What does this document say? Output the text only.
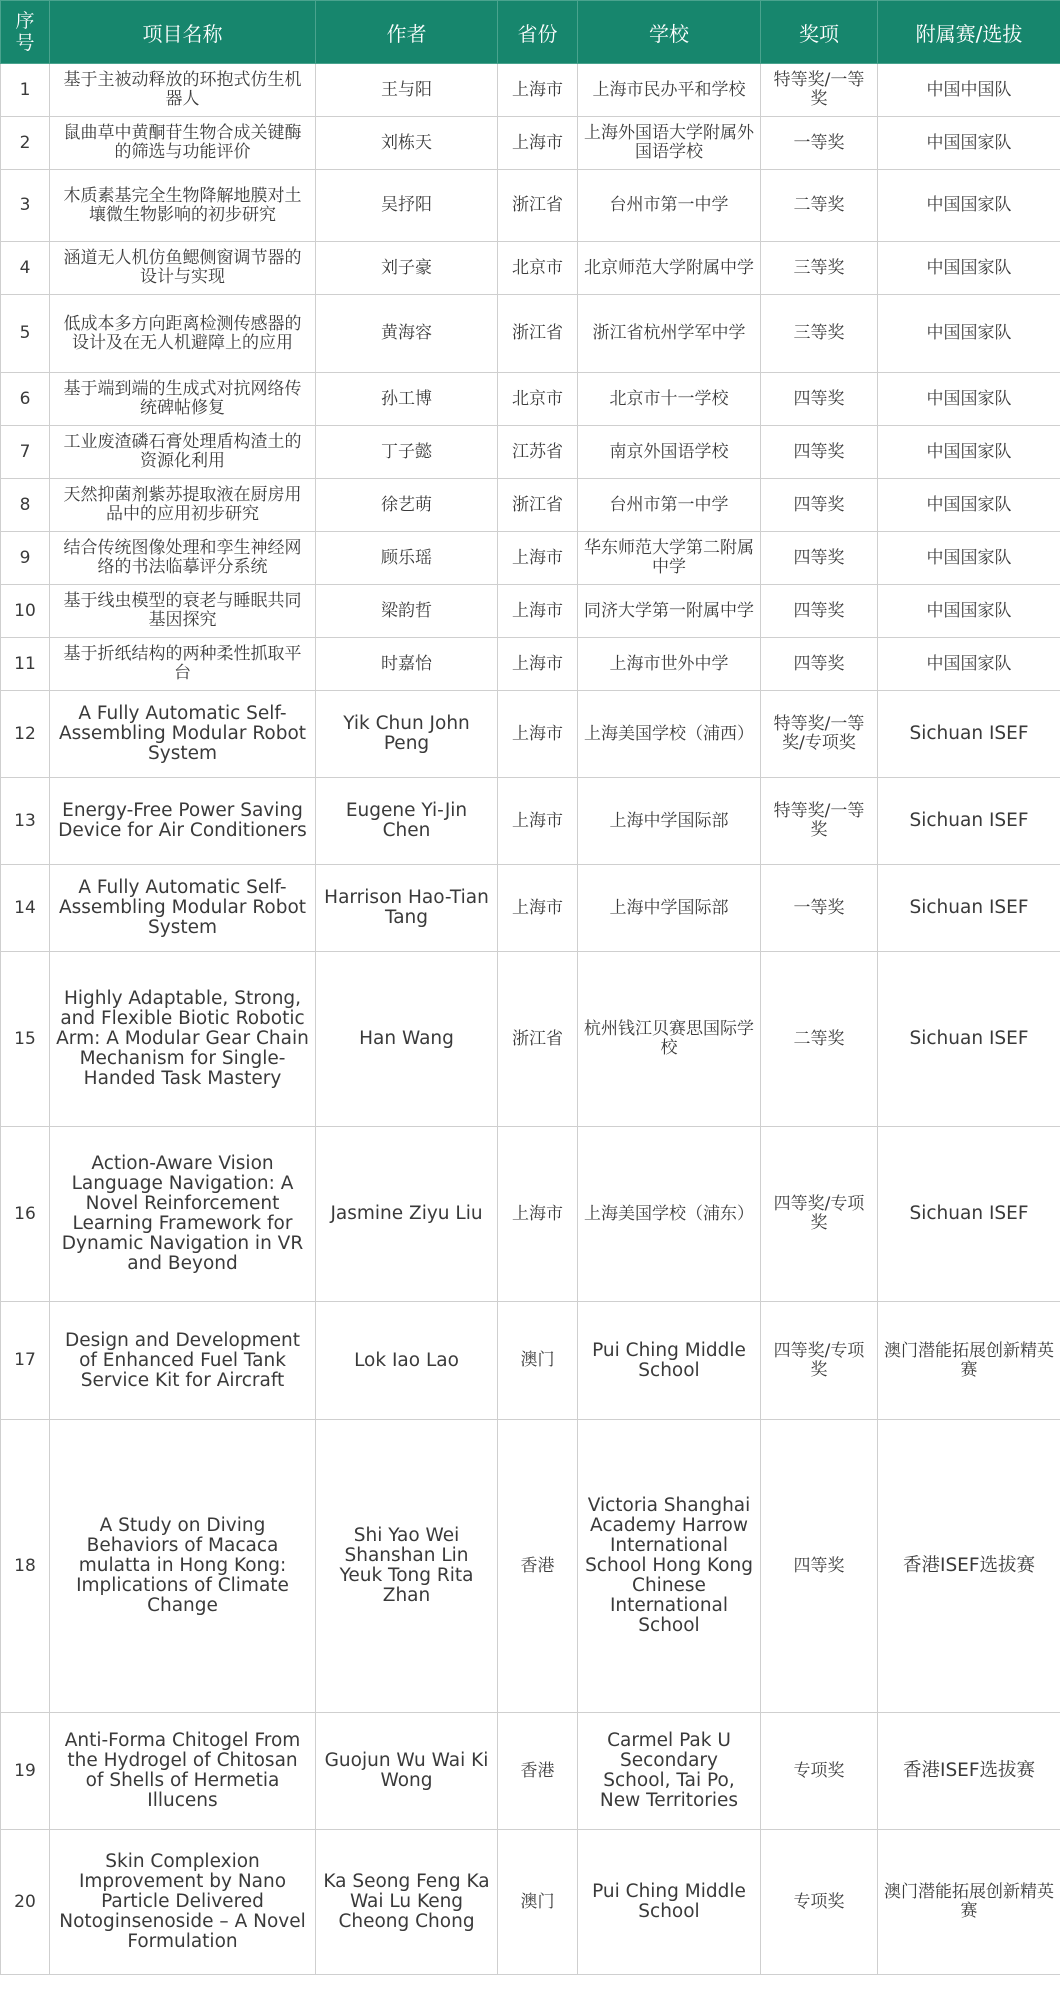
序号	项目名称	作者	省份	学校	奖项	附属赛/选拔
1	基于主被动释放的环抱式仿生机器人	王与阳	上海市	上海市民办平和学校	特等奖/一等奖	中国中国队
2	鼠曲草中黄酮苷生物合成关键酶的筛选与功能评价	刘栋天	上海市	上海外国语大学附属外国语学校	一等奖	中国国家队
3	木质素基完全生物降解地膜对土壤微生物影响的初步研究	吴抒阳	浙江省	台州市第一中学	二等奖	中国国家队
4	涵道无人机仿鱼鳃侧窗调节器的设计与实现	刘子豪	北京市	北京师范大学附属中学	三等奖	中国国家队
5	低成本多方向距离检测传感器的设计及在无人机避障上的应用	黄海容	浙江省	浙江省杭州学军中学	三等奖	中国国家队
6	基于端到端的生成式对抗网络传统碑帖修复	孙工博	北京市	北京市十一学校	四等奖	中国国家队
7	工业废渣磷石膏处理盾构渣土的资源化利用	丁子懿	江苏省	南京外国语学校	四等奖	中国国家队
8	天然抑菌剂紫苏提取液在厨房用品中的应用初步研究	徐艺萌	浙江省	台州市第一中学	四等奖	中国国家队
9	结合传统图像处理和孪生神经网络的书法临摹评分系统	顾乐瑶	上海市	华东师范大学第二附属中学	四等奖	中国国家队
10	基于线虫模型的衰老与睡眠共同基因探究	梁韵哲	上海市	同济大学第一附属中学	四等奖	中国国家队
11	基于折纸结构的两种柔性抓取平台	时嘉怡	上海市	上海市世外中学	四等奖	中国国家队
12	A Fully Automatic Self-Assembling Modular Robot System	Yik Chun John Peng	上海市	上海美国学校（浦西）	特等奖/一等奖/专项奖	Sichuan ISEF
13	Energy-Free Power Saving Device for Air Conditioners	Eugene Yi-Jin Chen	上海市	上海中学国际部	特等奖/一等奖	Sichuan ISEF
14	A Fully Automatic Self-Assembling Modular Robot System	Harrison Hao-Tian Tang	上海市	上海中学国际部	一等奖	Sichuan ISEF
15	Highly Adaptable, Strong, and Flexible Biotic Robotic Arm: A Modular Gear Chain Mechanism for Single-Handed Task Mastery	Han Wang	浙江省	杭州钱江贝赛思国际学校	二等奖	Sichuan ISEF
16	Action-Aware Vision Language Navigation: A Novel Reinforcement Learning Framework for Dynamic Navigation in VR and Beyond	Jasmine Ziyu Liu	上海市	上海美国学校（浦东）	四等奖/专项奖	Sichuan ISEF
17	Design and Development of Enhanced Fuel Tank Service Kit for Aircraft	Lok Iao Lao	澳门	Pui Ching Middle School	四等奖/专项奖	澳门潜能拓展创新精英赛
18	A Study on Diving Behaviors of Macaca mulatta in Hong Kong: Implications of Climate Change	Shi Yao Wei Shanshan Lin Yeuk Tong Rita Zhan	香港	Victoria Shanghai Academy Harrow International School Hong Kong Chinese International School	四等奖	香港ISEF选拔赛
19	Anti-Forma Chitogel From the Hydrogel of Chitosan of Shells of Hermetia Illucens	Guojun Wu Wai Ki Wong	香港	Carmel Pak U Secondary School, Tai Po, New Territories	专项奖	香港ISEF选拔赛
20	Skin Complexion Improvement by Nano Particle Delivered Notoginsenoside – A Novel Formulation	Ka Seong Feng Ka Wai Lu Keng Cheong Chong	澳门	Pui Ching Middle School	专项奖	澳门潜能拓展创新精英赛
